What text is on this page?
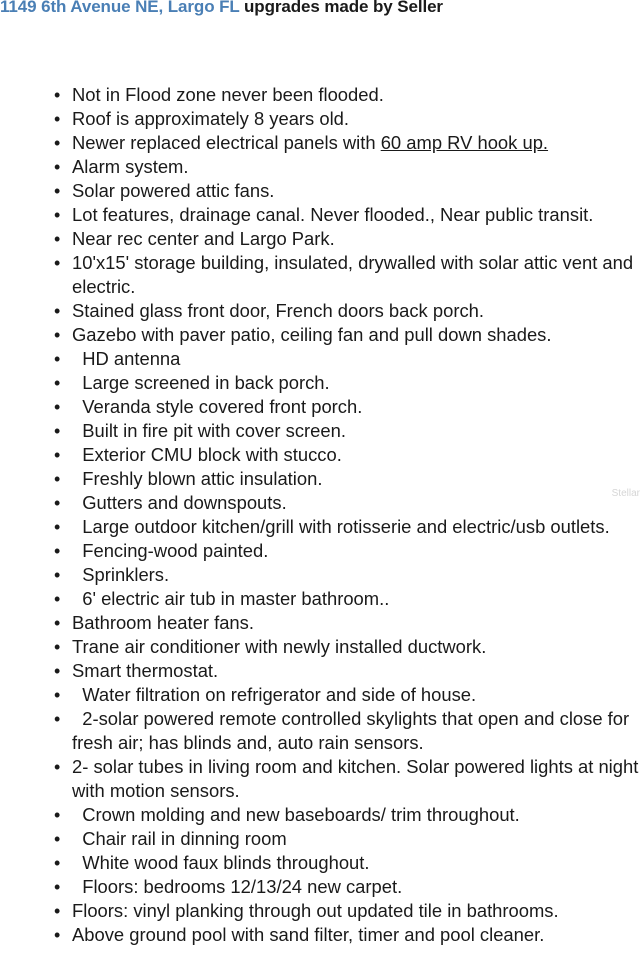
1149 6th Avenue NE, Largo FL upgrades made by Seller
• Not in Flood zone never been flooded.
• Roof is approximately 8 years old.
• Newer replaced electrical panels with 60 amp RV hook up.
• Alarm system.
• Solar powered attic fans.
• Lot features, drainage canal. Never flooded., Near public transit.
• Near rec center and Largo Park.
• 10'x15' storage building, insulated, drywalled with solar attic vent and electric.
• Stained glass front door, French doors back porch.
• Gazebo with paver patio, ceiling fan and pull down shades.
• HD antenna
• Large screened in back porch.
• Veranda style covered front porch.
• Built in fire pit with cover screen.
• Exterior CMU block with stucco.
• Freshly blown attic insulation.
• Gutters and downspouts.
• Large outdoor kitchen/grill with rotisserie and electric/usb outlets.
• Fencing-wood painted.
• Sprinklers.
• 6' electric air tub in master bathroom..
• Bathroom heater fans.
• Trane air conditioner with newly installed ductwork.
• Smart thermostat.
• Water filtration on refrigerator and side of house.
• 2-solar powered remote controlled skylights that open and close for fresh air; has blinds and, auto rain sensors.
• 2- solar tubes in living room and kitchen. Solar powered lights at night with motion sensors.
• Crown molding and new baseboards/ trim throughout.
• Chair rail in dinning room
• White wood faux blinds throughout.
• Floors: bedrooms 12/13/24 new carpet.
• Floors: vinyl planking through out updated tile in bathrooms.
• Above ground pool with sand filter, timer and pool cleaner.
Stellar
